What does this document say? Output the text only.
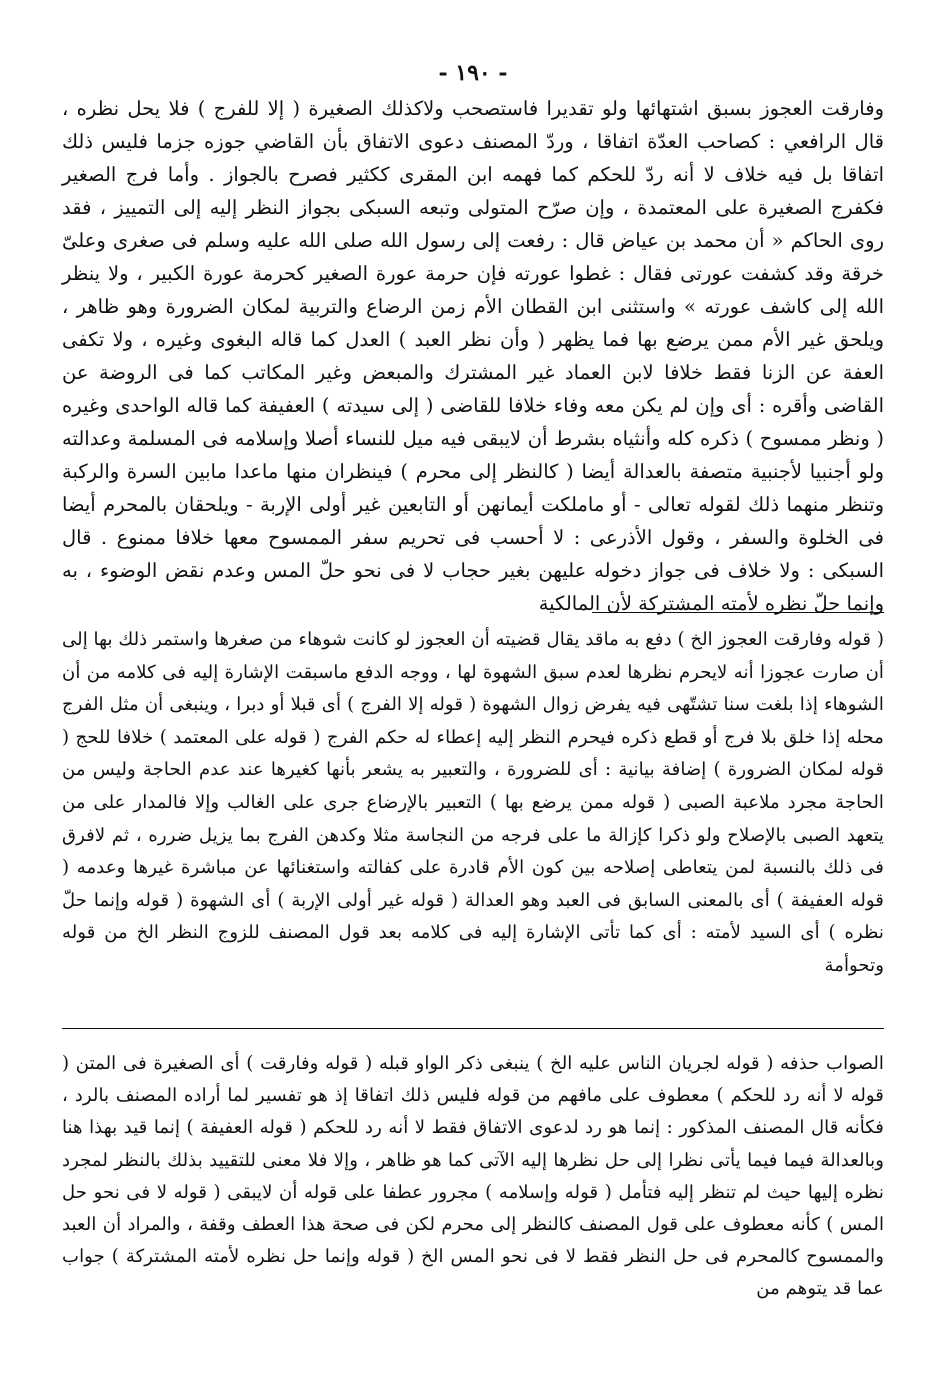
- ١٩٠ -

وفارقت العجوز بسبق اشتهائها ولو تقديرا فاستصحب ولاكذلك الصغيرة ( إلا للفرج ) فلا يحل نظره ، قال الرافعي : كصاحب العدّة اتفاقا ، وردّ المصنف دعوى الاتفاق بأن القاضي جوزه جزما فليس ذلك اتفاقا بل فيه خلاف لا أنه ردّ للحكم كما فهمه ابن المقرى ككثير فصرح بالجواز . وأما فرج الصغير فكفرج الصغيرة على المعتمدة ، وإن صرّح المتولى وتبعه السبكى بجواز النظر إليه إلى التمييز ، فقد روى الحاكم « أن محمد بن عياض قال : رفعت إلى رسول الله صلى الله عليه وسلم فى صغرى وعلىّ خرقة وقد كشفت عورتى فقال : غطوا عورته فإن حرمة عورة الصغير كحرمة عورة الكبير ، ولا ينظر الله إلى كاشف عورته » واستثنى ابن القطان الأم زمن الرضاع والتربية لمكان الضرورة وهو ظاهر ، ويلحق غير الأم ممن يرضع بها فما يظهر ( وأن نظر العبد ) العدل كما قاله البغوى وغيره ، ولا تكفى العفة عن الزنا فقط خلافا لابن العماد غير المشترك والمبعض وغير المكاتب كما فى الروضة عن القاضى وأقره : أى وإن لم يكن معه وفاء خلافا للقاضى ( إلى سيدته ) العفيفة كما قاله الواحدى وغيره ( ونظر ممسوح ) ذكره كله وأنثياه بشرط أن لايبقى فيه ميل للنساء أصلا وإسلامه فى المسلمة وعدالته ولو أجنبيا لأجنبية متصفة بالعدالة أيضا ( كالنظر إلى محرم ) فينظران منها ماعدا مابين السرة والركبة وتنظر منهما ذلك لقوله تعالى - أو ماملكت أيمانهن أو التابعين غير أولى الإربة - ويلحقان بالمحرم أيضا فى الخلوة والسفر ، وقول الأذرعى : لا أحسب فى تحريم سفر الممسوح معها خلافا ممنوع . قال السبكى : ولا خلاف فى جواز دخوله عليهن بغير حجاب لا فى نحو حلّ المس وعدم نقض الوضوء ، به وإنما حلّ نظره لأمته المشتركة لأن المالكية

( قوله وفارقت العجوز الخ ) دفع به ماقد يقال قضيته أن العجوز لو كانت شوهاء من صغرها واستمر ذلك بها إلى أن صارت عجوزا أنه لايحرم نظرها لعدم سبق الشهوة لها ، ووجه الدفع ماسبقت الإشارة إليه فى كلامه من أن الشوهاء إذا بلغت سنا تشتّهى فيه يفرض زوال الشهوة ( قوله إلا الفرج ) أى قبلا أو دبرا ، وينبغى أن مثل الفرج محله إذا خلق بلا فرج أو قطع ذكره فيحرم النظر إليه إعطاء له حكم الفرج ( قوله على المعتمد ) خلافا للحج ( قوله لمكان الضرورة ) إضافة بيانية : أى للضرورة ، والتعبير به يشعر بأنها كغيرها عند عدم الحاجة وليس من الحاجة مجرد ملاعبة الصبى ( قوله ممن يرضع بها ) التعبير بالإرضاع جرى على الغالب وإلا فالمدار على من يتعهد الصبى بالإصلاح ولو ذكرا كإزالة ما على فرجه من النجاسة مثلا وكدهن الفرج بما يزيل ضرره ، ثم لافرق فى ذلك بالنسبة لمن يتعاطى إصلاحه بين كون الأم قادرة على كفالته واستغنائها عن مباشرة غيرها وعدمه ( قوله العفيفة ) أى بالمعنى السابق فى العبد وهو العدالة ( قوله غير أولى الإربة ) أى الشهوة ( قوله وإنما حلّ نظره ) أى السيد لأمته : أى كما تأتى الإشارة إليه فى كلامه بعد قول المصنف للزوج النظر الخ من قوله وتحوأمة

الصواب حذفه ( قوله لجريان الناس عليه الخ ) ينبغى ذكر الواو قبله ( قوله وفارقت ) أى الصغيرة فى المتن ( قوله لا أنه رد للحكم ) معطوف على مافهم من قوله فليس ذلك اتفاقا إذ هو تفسير لما أراده المصنف بالرد ، فكأنه قال المصنف المذكور : إنما هو رد لدعوى الاتفاق فقط لا أنه رد للحكم ( قوله العفيفة ) إنما قيد بهذا هنا وبالعدالة فيما فيما يأتى نظرا إلى حل نظرها إليه الآتى كما هو ظاهر ، وإلا فلا معنى للتقييد بذلك بالنظر لمجرد نظره إليها حيث لم تنظر إليه فتأمل ( قوله وإسلامه ) مجرور عطفا على قوله أن لايبقى ( قوله لا فى نحو حل المس ) كأنه معطوف على قول المصنف كالنظر إلى محرم لكن فى صحة هذا العطف وقفة ، والمراد أن العبد والممسوح كالمحرم فى حل النظر فقط لا فى نحو المس الخ ( قوله وإنما حل نظره لأمته المشتركة ) جواب عما قد يتوهم من
